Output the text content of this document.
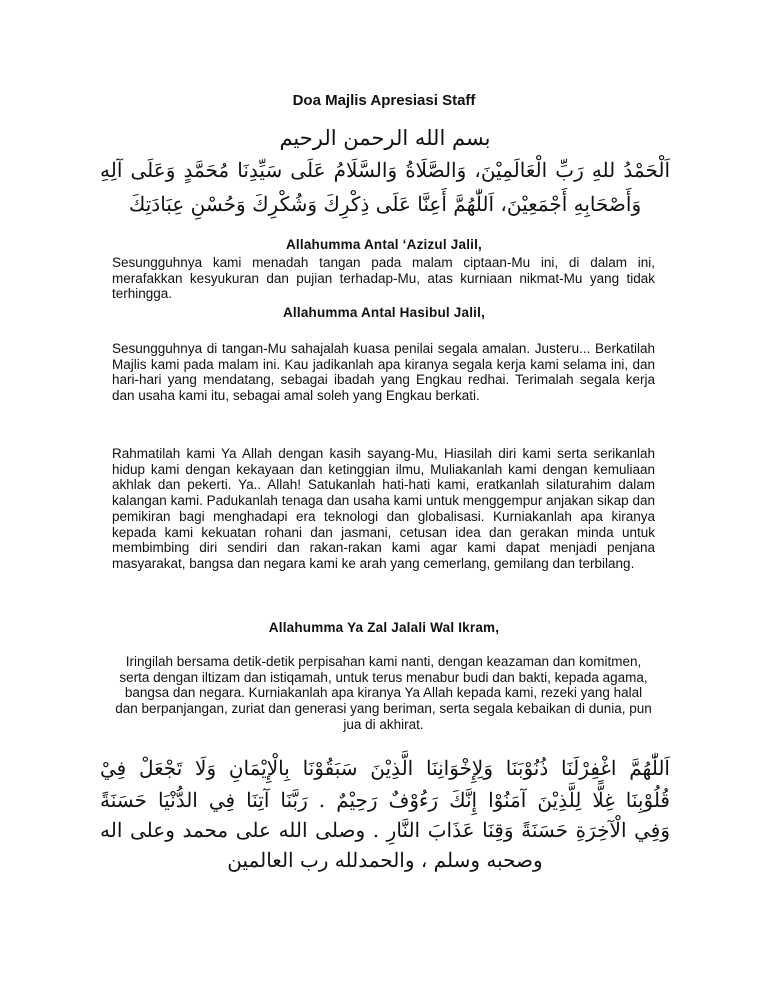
Doa Majlis Apresiasi Staff
بسم الله الرحمن الرحيم
اَلْحَمْدُ للهِ رَبِّ الْعَالَمِيْنَ، وَالصَّلَاةُ وَالسَّلَامُ عَلَى سَيِّدِنَا مُحَمَّدٍ وَعَلَى آلِهِ
وَأَصْحَابِهِ أَجْمَعِيْنَ، اَللّٰهُمَّ أَعِنَّا عَلَى ذِكْرِكَ وَشُكْرِكَ وَحُسْنِ عِبَادَتِكَ
Allahumma Antal ‘Azizul Jalil,

Sesungguhnya kami menadah tangan pada malam ciptaan-Mu ini, di dalam ini, merafakkan kesyukuran dan pujian terhadap-Mu, atas kurniaan nikmat-Mu yang tidak terhingga.

Allahumma Antal Hasibul Jalil,

Sesungguhnya di tangan-Mu sahajalah kuasa penilai segala amalan. Justeru... Berkatilah Majlis kami pada malam ini. Kau jadikanlah apa kiranya segala kerja kami selama ini, dan hari-hari yang mendatang, sebagai ibadah yang Engkau redhai. Terimalah segala kerja dan usaha kami itu, sebagai amal soleh yang Engkau berkati.

Rahmatilah kami Ya Allah dengan kasih sayang-Mu, Hiasilah diri kami serta serikanlah hidup kami dengan kekayaan dan ketinggian ilmu, Muliakanlah kami dengan kemuliaan akhlak dan pekerti. Ya.. Allah! Satukanlah hati-hati kami, eratkanlah silaturahim dalam kalangan kami. Padukanlah tenaga dan usaha kami untuk menggempur anjakan sikap dan pemikiran bagi menghadapi era teknologi dan globalisasi. Kurniakanlah apa kiranya kepada kami kekuatan rohani dan jasmani, cetusan idea dan gerakan minda untuk membimbing diri sendiri dan rakan-rakan kami agar kami dapat menjadi penjana masyarakat, bangsa dan negara kami ke arah yang cemerlang, gemilang dan terbilang.

Allahumma Ya Zal Jalali Wal Ikram,

Iringilah bersama detik-detik perpisahan kami nanti, dengan keazaman dan komitmen, serta dengan iltizam dan istiqamah, untuk terus menabur budi dan bakti, kepada agama, bangsa dan negara. Kurniakanlah apa kiranya Ya Allah kepada kami, rezeki yang halal dan berpanjangan, zuriat dan generasi yang beriman, serta segala kebaikan di dunia, pun jua di akhirat.

اَللّٰهُمَّ اغْفِرْلَنَا ذُنُوْبَنَا وَلِإِخْوَانِنَا الَّذِيْنَ سَبَقُوْنَا بِالْإِيْمَانِ وَلَا تَجْعَلْ فِيْ
قُلُوْبِنَا غِلًّا لِلَّذِيْنَ آمَنُوْا إِنَّكَ رَءُوْفٌ رَحِيْمٌ . رَبَّنَا آتِنَا فِي الدُّنْيَا حَسَنَةً
وَفِي الْآخِرَةِ حَسَنَةً وَقِنَا عَذَابَ النَّارِ . وصلى الله على محمد وعلى اله
وصحبه وسلم ، والحمدلله رب العالمين
